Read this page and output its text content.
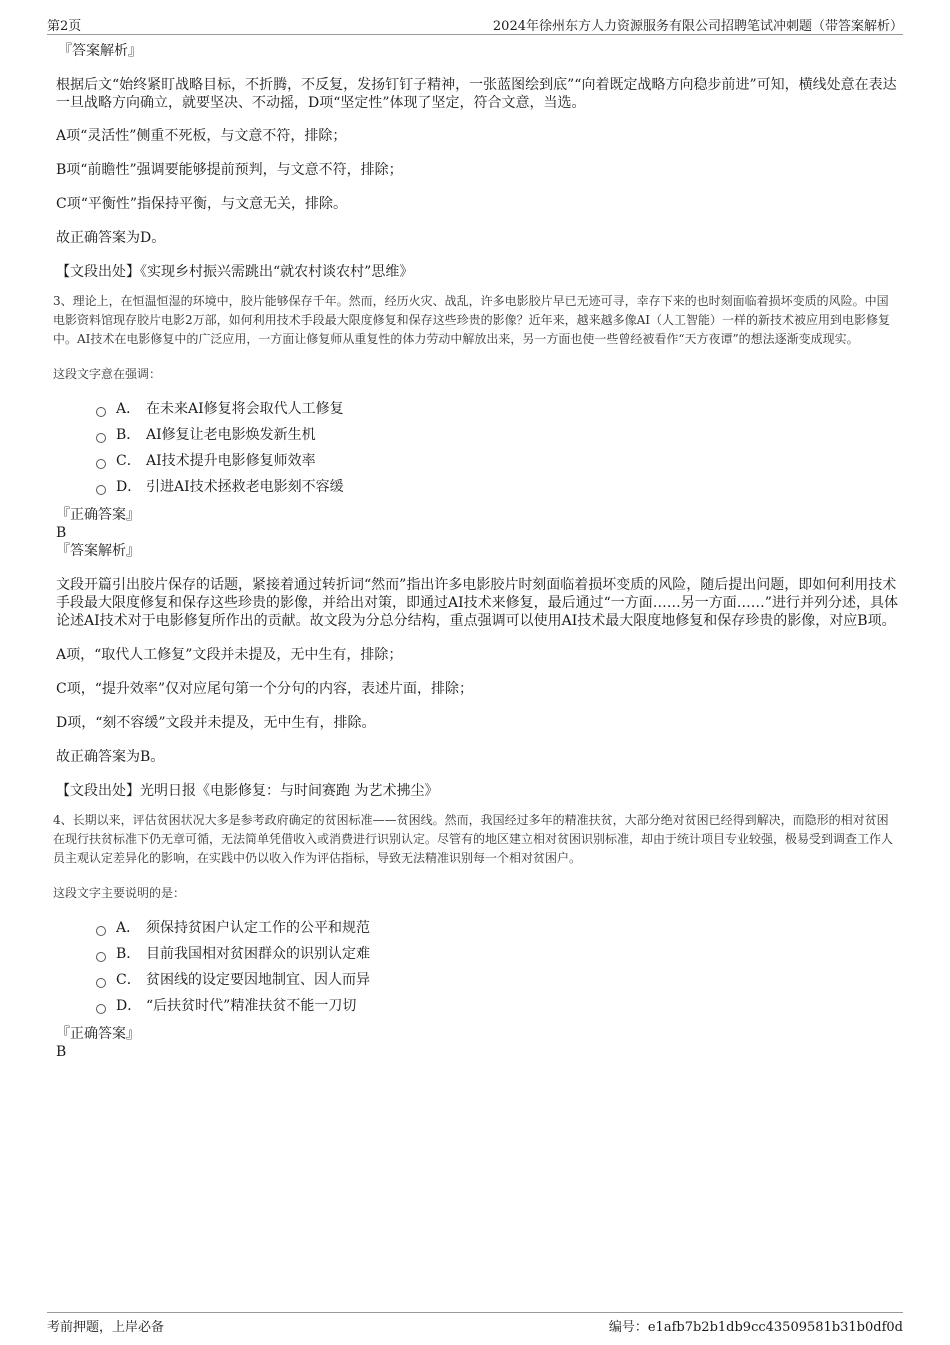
第2页	2024年徐州东方人力资源服务有限公司招聘笔试冲刺题（带答案解析）
『答案解析』
根据后文“始终紧盯战略目标，不折腾，不反复，发扬钉钉子精神，一张蓝图绘到底”“向着既定战略方向稳步前进”可知，横线处意在表达一旦战略方向确立，就要坚决、不动摇，D项“坚定性”体现了坚定，符合文意，当选。
A项“灵活性”侧重不死板，与文意不符，排除；
B项“前瞻性”强调要能够提前预判，与文意不符，排除；
C项“平衡性”指保持平衡，与文意无关，排除。
故正确答案为D。
【文段出处】《实现乡村振兴需跳出“就农村谈农村”思维》
3、理论上，在恒温恒湿的环境中，胶片能够保存千年。然而，经历火灾、战乱，许多电影胶片早已无迹可寻，幸存下来的也时刻面临着损坏变质的风险。中国电影资料馆现存胶片电影2万部，如何利用技术手段最大限度修复和保存这些珍贵的影像？近年来，越来越多像AI（人工智能）一样的新技术被应用到电影修复中。AI技术在电影修复中的广泛应用，一方面让修复师从重复性的体力劳动中解放出来，另一方面也使一些曾经被看作“天方夜谭”的想法逐渐变成现实。
这段文字意在强调：
A． 在未来AI修复将会取代人工修复
B． AI修复让老电影焕发新生机
C． AI技术提升电影修复师效率
D． 引进AI技术拯救老电影刻不容缓
『正确答案』
B
『答案解析』
文段开篇引出胶片保存的话题，紧接着通过转折词“然而”指出许多电影胶片时刻面临着损坏变质的风险，随后提出问题，即如何利用技术手段最大限度修复和保存这些珍贵的影像，并给出对策，即通过AI技术来修复，最后通过“一方面……另一方面……”进行并列分述，具体论述AI技术对于电影修复所作出的贡献。故文段为分总分结构，重点强调可以使用AI技术最大限度地修复和保存珍贵的影像，对应B项。
A项，“取代人工修复”文段并未提及，无中生有，排除；
C项，“提升效率”仅对应尾句第一个分句的内容，表述片面，排除；
D项，“刻不容缓”文段并未提及，无中生有，排除。
故正确答案为B。
【文段出处】光明日报《电影修复：与时间赛跑 为艺术拂尘》
4、长期以来，评估贫困状况大多是参考政府确定的贫困标准——贫困线。然而，我国经过多年的精准扶贫，大部分绝对贫困已经得到解决，而隐形的相对贫困在现行扶贫标准下仍无章可循，无法简单凭借收入或消费进行识别认定。尽管有的地区建立相对贫困识别标准，却由于统计项目专业较强，极易受到调查工作人员主观认定差异化的影响，在实践中仍以收入作为评估指标，导致无法精准识别每一个相对贫困户。
这段文字主要说明的是：
A． 须保持贫困户认定工作的公平和规范
B． 目前我国相对贫困群众的识别认定难
C． 贫困线的设定要因地制宜、因人而异
D． “后扶贫时代”精准扶贫不能一刀切
『正确答案』
B
考前押题，上岸必备	编号：e1afb7b2b1db9cc43509581b31b0df0d
